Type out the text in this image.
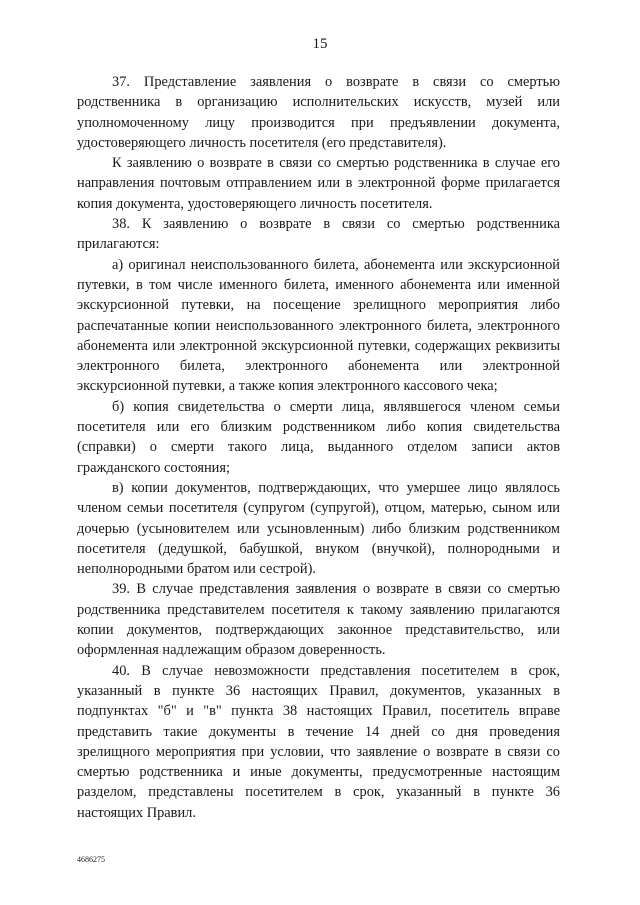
15

37. Представление заявления о возврате в связи со смертью родственника в организацию исполнительских искусств, музей или уполномоченному лицу производится при предъявлении документа, удостоверяющего личность посетителя (его представителя).

К заявлению о возврате в связи со смертью родственника в случае его направления почтовым отправлением или в электронной форме прилагается копия документа, удостоверяющего личность посетителя.

38. К заявлению о возврате в связи со смертью родственника прилагаются:

а) оригинал неиспользованного билета, абонемента или экскурсионной путевки, в том числе именного билета, именного абонемента или именной экскурсионной путевки, на посещение зрелищного мероприятия либо распечатанные копии неиспользованного электронного билета, электронного абонемента или электронной экскурсионной путевки, содержащих реквизиты электронного билета, электронного абонемента или электронной экскурсионной путевки, а также копия электронного кассового чека;

б) копия свидетельства о смерти лица, являвшегося членом семьи посетителя или его близким родственником либо копия свидетельства (справки) о смерти такого лица, выданного отделом записи актов гражданского состояния;

в) копии документов, подтверждающих, что умершее лицо являлось членом семьи посетителя (супругом (супругой), отцом, матерью, сыном или дочерью (усыновителем или усыновленным) либо близким родственником посетителя (дедушкой, бабушкой, внуком (внучкой), полнородными и неполнородными братом или сестрой).

39. В случае представления заявления о возврате в связи со смертью родственника представителем посетителя к такому заявлению прилагаются копии документов, подтверждающих законное представительство, или оформленная надлежащим образом доверенность.

40. В случае невозможности представления посетителем в срок, указанный в пункте 36 настоящих Правил, документов, указанных в подпунктах "б" и "в" пункта 38 настоящих Правил, посетитель вправе представить такие документы в течение 14 дней со дня проведения зрелищного мероприятия при условии, что заявление о возврате в связи со смертью родственника и иные документы, предусмотренные настоящим разделом, представлены посетителем в срок, указанный в пункте 36 настоящих Правил.

4686275
